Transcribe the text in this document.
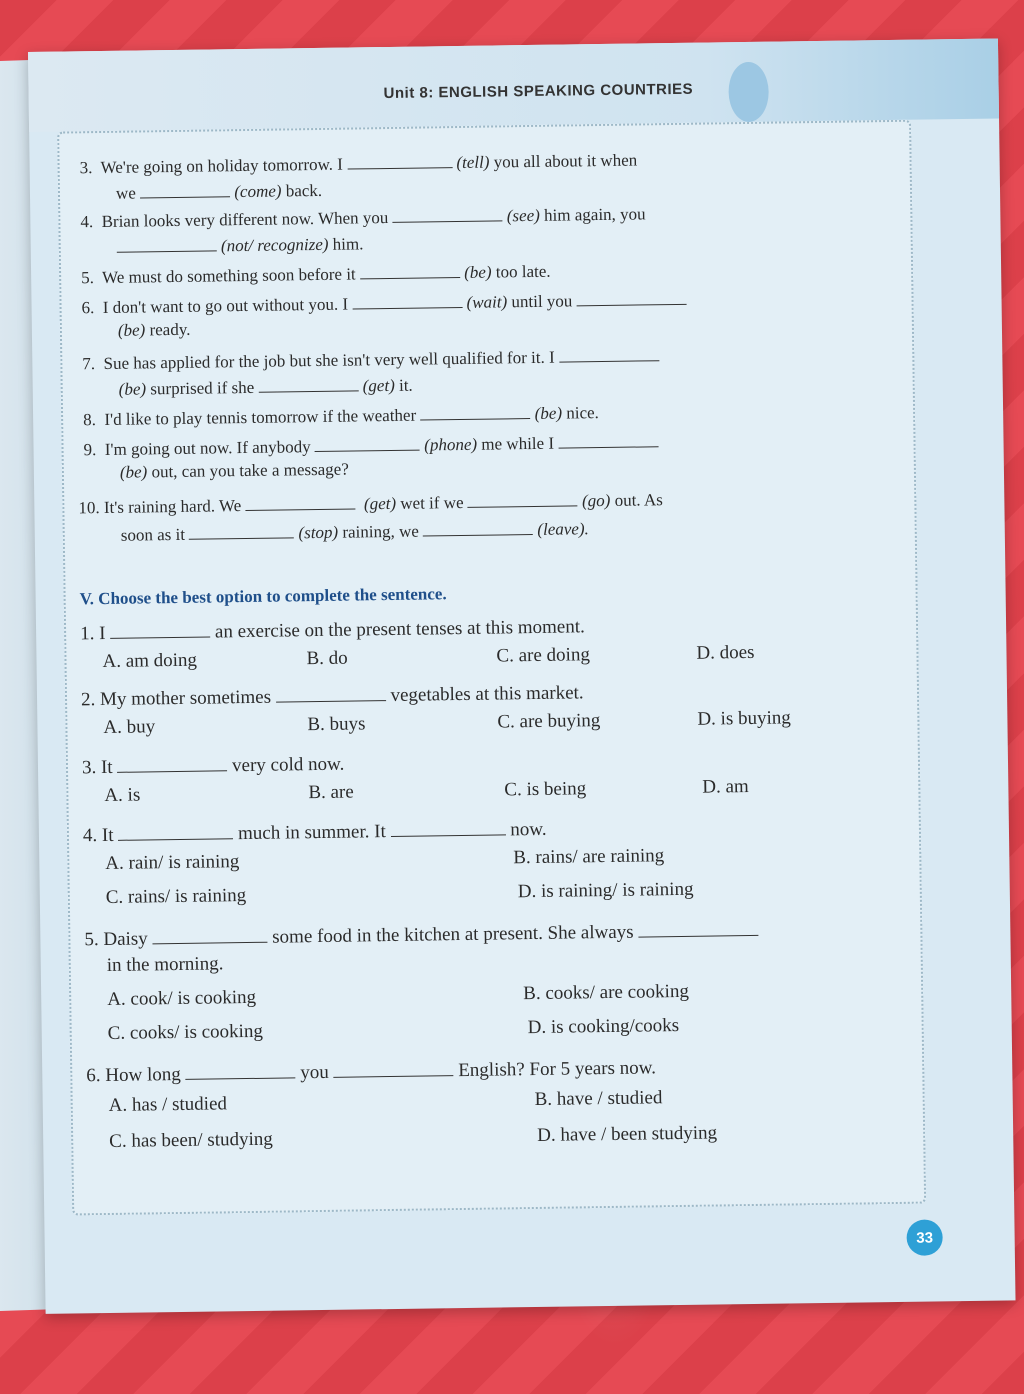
Unit 8: ENGLISH SPEAKING COUNTRIES
3. We're going on holiday tomorrow. I	(tell) you all about it when
we	(come) back.
4. Brian looks very different now. When you	(see) him again, you
(not/ recognize) him.
5. We must do something soon before it	(be) too late.
6. I don't want to go out without you. I	(wait) until you
(be) ready.
7. Sue has applied for the job but she isn't very well qualified for it. I
(be) surprised if she	(get) it.
8. I'd like to play tennis tomorrow if the weather	(be) nice.
9. I'm going out now. If anybody	(phone) me while I
(be) out, can you take a message?
10. It's raining hard. We	(get) wet if we	(go) out. As
soon as it	(stop) raining, we	(leave).
V. Choose the best option to complete the sentence.
1. I	an exercise on the present tenses at this moment.
A. am doing	B. do	C. are doing	D. does
2. My mother sometimes	vegetables at this market.
A. buy	B. buys	C. are buying	D. is buying
3. It	very cold now.
A. is	B. are	C. is being	D. am
4. It	much in summer. It	now.
A. rain/ is raining	B. rains/ are raining
C. rains/ is raining	D. is raining/ is raining
5. Daisy	some food in the kitchen at present. She always
in the morning.
A. cook/ is cooking	B. cooks/ are cooking
C. cooks/ is cooking	D. is cooking/cooks
6. How long	you	English? For 5 years now.
A. has / studied	B. have / studied
C. has been/ studying	D. have / been studying
33
